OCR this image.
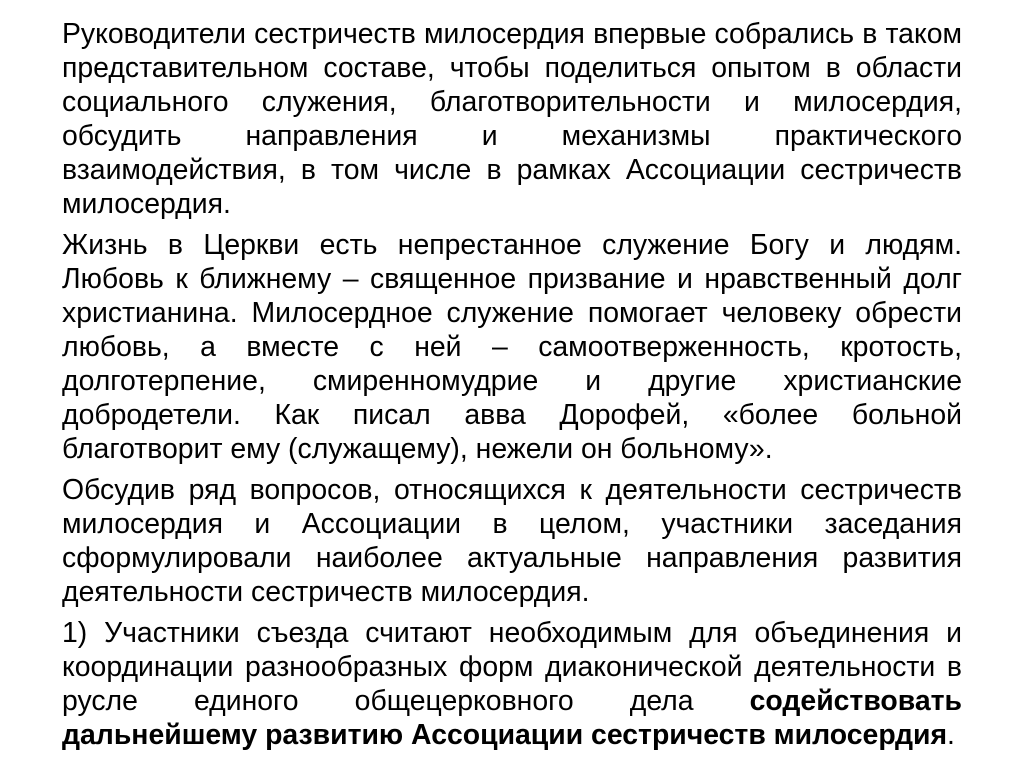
Руководители сестричеств милосердия впервые собрались в таком представительном составе, чтобы поделиться опытом в области социального служения, благотворительности и милосердия, обсудить направления и механизмы практического взаимодействия, в том числе в рамках Ассоциации сестричеств милосердия.

Жизнь в Церкви есть непрестанное служение Богу и людям. Любовь к ближнему – священное призвание и нравственный долг христианина. Милосердное служение помогает человеку обрести любовь, а вместе с ней – самоотверженность, кротость, долготерпение, смиренномудрие и другие христианские добродетели. Как писал авва Дорофей, «более больной благотворит ему (служащему), нежели он больному».

Обсудив ряд вопросов, относящихся к деятельности сестричеств милосердия и Ассоциации в целом, участники заседания сформулировали наиболее актуальные направления развития деятельности сестричеств милосердия.

1) Участники съезда считают необходимым для объединения и координации разнообразных форм диаконической деятельности в русле единого общецерковного дела содействовать дальнейшему развитию Ассоциации сестричеств милосердия.
